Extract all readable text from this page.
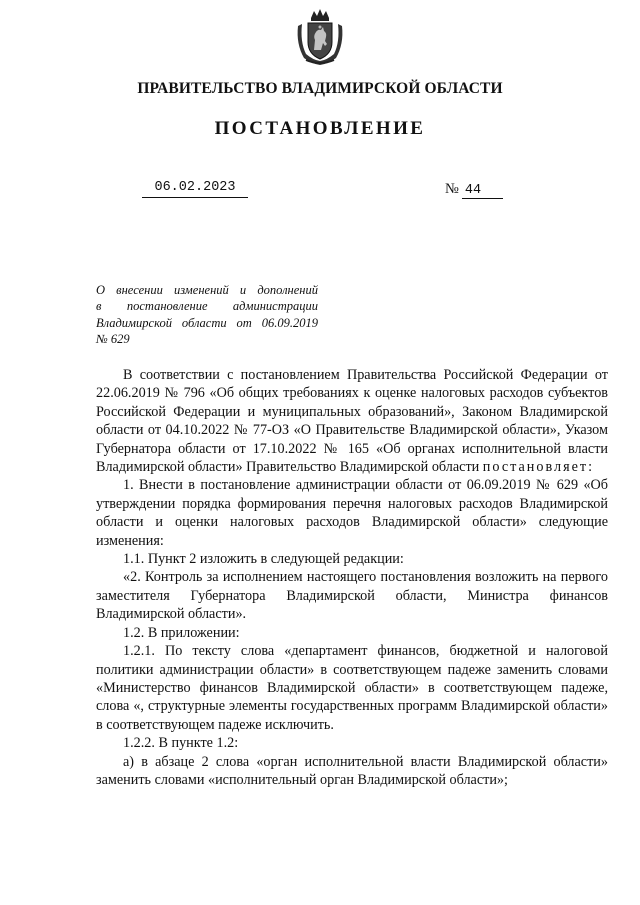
ПРАВИТЕЛЬСТВО ВЛАДИМИРСКОЙ ОБЛАСТИ
ПОСТАНОВЛЕНИЕ
06.02.2023	№ 44
О внесении изменений и дополнений
в постановление администрации
Владимирской области от 06.09.2019
№ 629

В соответствии с постановлением Правительства Российской Федерации от 22.06.2019 № 796 «Об общих требованиях к оценке налоговых расходов субъектов Российской Федерации и муниципальных образований», Законом Владимирской области от 04.10.2022 № 77-ОЗ «О Правительстве Владимирской области», Указом Губернатора области от 17.10.2022 № 165 «Об органах исполнительной власти Владимирской области» Правительство Владимирской области постановляет:

1. Внести в постановление администрации области от 06.09.2019 № 629 «Об утверждении порядка формирования перечня налоговых расходов Владимирской области и оценки налоговых расходов Владимирской области» следующие изменения:

1.1. Пункт 2 изложить в следующей редакции:

«2. Контроль за исполнением настоящего постановления возложить на первого заместителя Губернатора Владимирской области, Министра финансов Владимирской области».

1.2. В приложении:

1.2.1. По тексту слова «департамент финансов, бюджетной и налоговой политики администрации области» в соответствующем падеже заменить словами «Министерство финансов Владимирской области» в соответствующем падеже, слова «, структурные элементы государственных программ Владимирской области» в соответствующем падеже исключить.

1.2.2. В пункте 1.2:

а) в абзаце 2 слова «орган исполнительной власти Владимирской области» заменить словами «исполнительный орган Владимирской области»;
